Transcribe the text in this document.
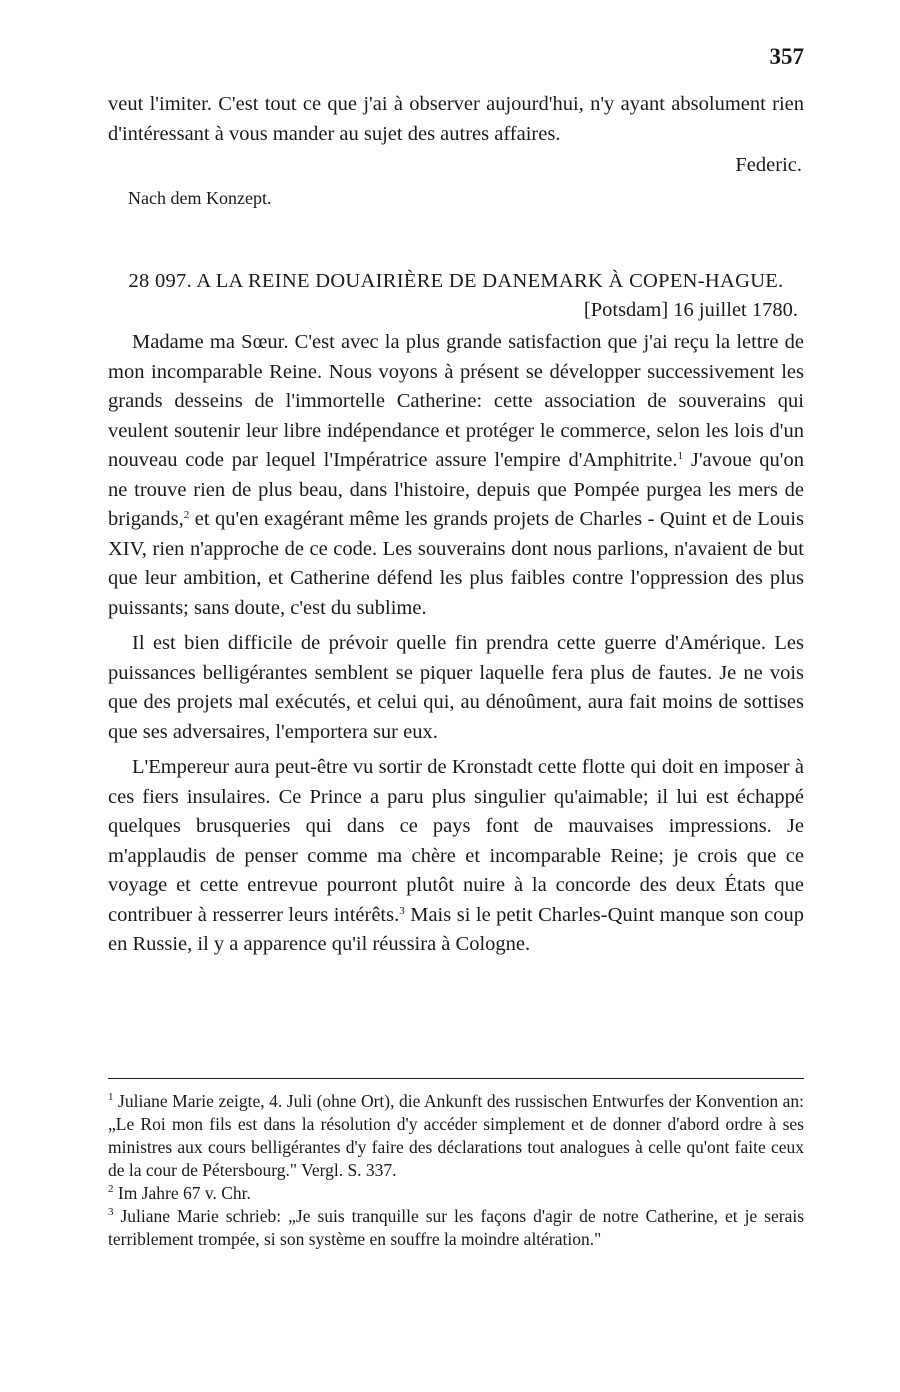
357

veut l'imiter. C'est tout ce que j'ai à observer aujourd'hui, n'y ayant absolument rien d'intéressant à vous mander au sujet des autres affaires.

Federic.

Nach dem Konzept.

28 097. A LA REINE DOUAIRIÈRE DE DANEMARK À COPEN-HAGUE.

[Potsdam] 16 juillet 1780.

Madame ma Sœur. C'est avec la plus grande satisfaction que j'ai reçu la lettre de mon incomparable Reine. Nous voyons à présent se développer successivement les grands desseins de l'immortelle Catherine: cette association de souverains qui veulent soutenir leur libre indépendance et protéger le commerce, selon les lois d'un nouveau code par lequel l'Impératrice assure l'empire d'Amphitrite.$^1$ J'avoue qu'on ne trouve rien de plus beau, dans l'histoire, depuis que Pompée purgea les mers de brigands,$^2$ et qu'en exagérant même les grands projets de Charles - Quint et de Louis XIV, rien n'approche de ce code. Les souverains dont nous parlions, n'avaient de but que leur ambition, et Catherine défend les plus faibles contre l'oppression des plus puissants; sans doute, c'est du sublime.

Il est bien difficile de prévoir quelle fin prendra cette guerre d'Amérique. Les puissances belligérantes semblent se piquer laquelle fera plus de fautes. Je ne vois que des projets mal exécutés, et celui qui, au dénoûment, aura fait moins de sottises que ses adversaires, l'emportera sur eux.

L'Empereur aura peut-être vu sortir de Kronstadt cette flotte qui doit en imposer à ces fiers insulaires. Ce Prince a paru plus singulier qu'aimable; il lui est échappé quelques brusqueries qui dans ce pays font de mauvaises impressions. Je m'applaudis de penser comme ma chère et incomparable Reine; je crois que ce voyage et cette entrevue pourront plutôt nuire à la concorde des deux États que contribuer à resserrer leurs intérêts.$^3$ Mais si le petit Charles-Quint manque son coup en Russie, il y a apparence qu'il réussira à Cologne.

$^1$ Juliane Marie zeigte, 4. Juli (ohne Ort), die Ankunft des russischen Entwurfes der Konvention an: „Le Roi mon fils est dans la résolution d'y accéder simplement et de donner d'abord ordre à ses ministres aux cours belligérantes d'y faire des déclarations tout analogues à celle qu'ont faite ceux de la cour de Pétersbourg." Vergl. S. 337.

$^2$ Im Jahre 67 v. Chr.

$^3$ Juliane Marie schrieb: „Je suis tranquille sur les façons d'agir de notre Catherine, et je serais terriblement trompée, si son système en souffre la moindre altération."
